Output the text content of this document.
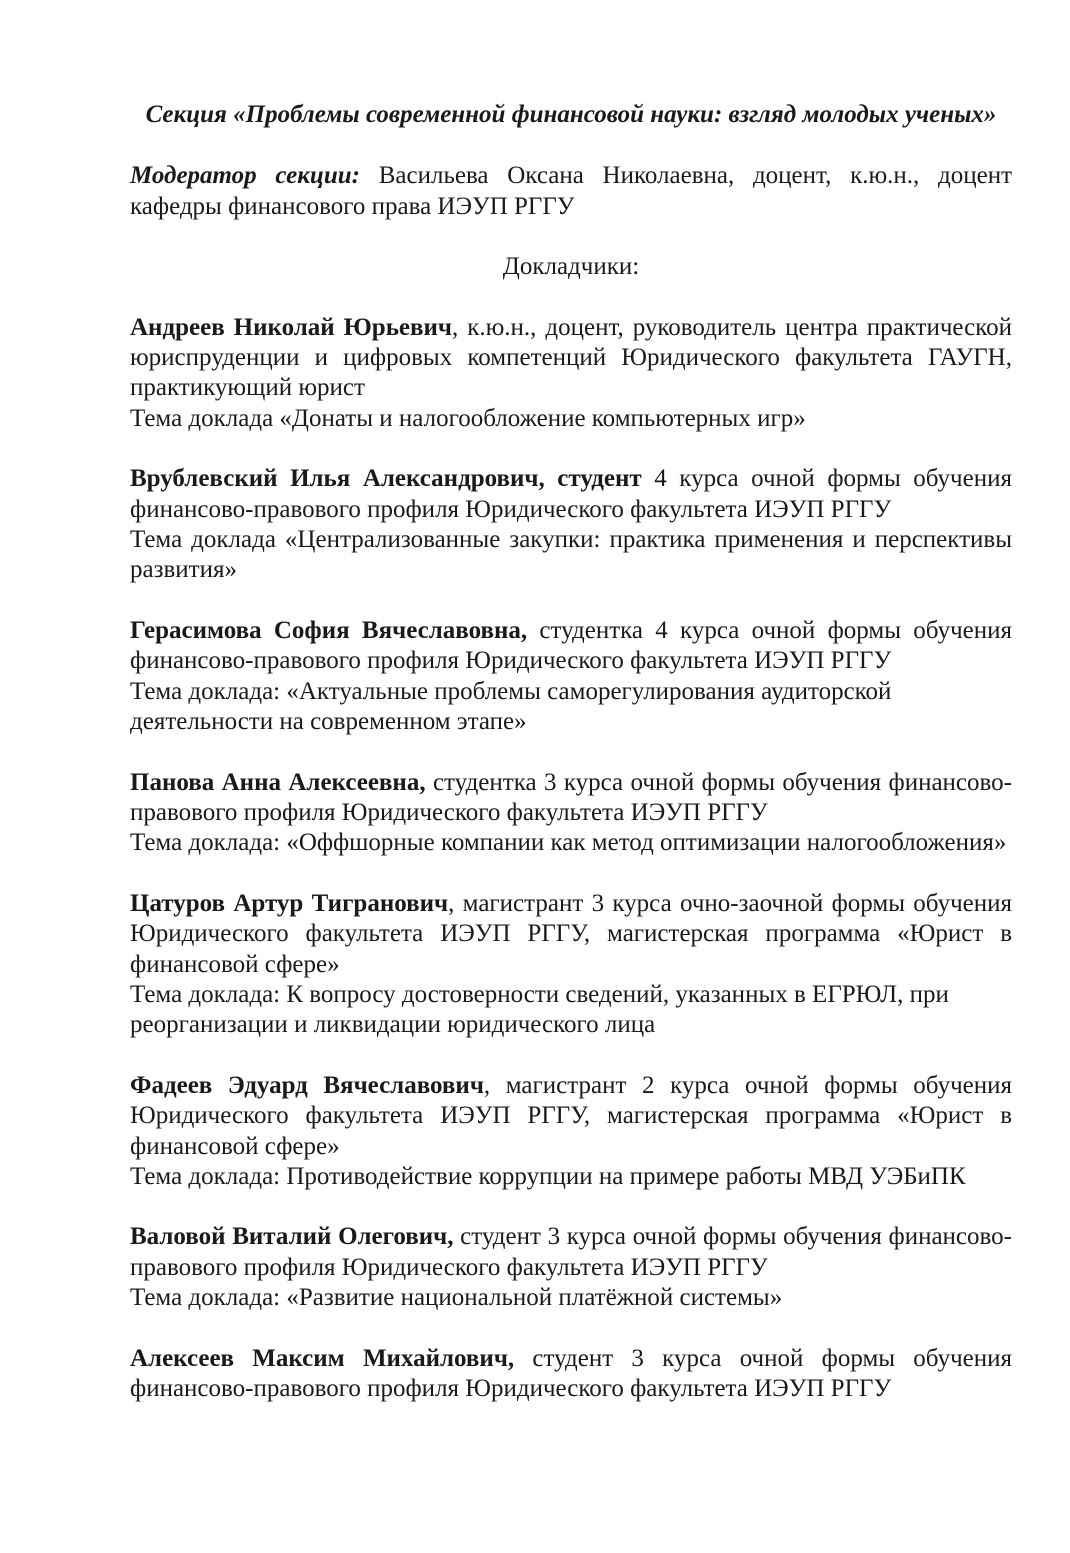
Секция «Проблемы современной финансовой науки: взгляд молодых ученых»

Модератор секции: Васильева Оксана Николаевна, доцент, к.ю.н., доцент кафедры финансового права ИЭУП РГГУ

Докладчики:

Андреев Николай Юрьевич, к.ю.н., доцент, руководитель центра практической юриспруденции и цифровых компетенций Юридического факультета ГАУГН, практикующий юрист
Тема доклада «Донаты и налогообложение компьютерных игр»
Врублевский Илья Александрович, студент 4 курса очной формы обучения финансово-правового профиля Юридического факультета ИЭУП РГГУ
Тема доклада «Централизованные закупки: практика применения и перспективы развития»
Герасимова София Вячеславовна, студентка 4 курса очной формы обучения финансово-правового профиля Юридического факультета ИЭУП РГГУ
Тема доклада: «Актуальные проблемы саморегулирования аудиторской деятельности на современном этапе»
Панова Анна Алексеевна, студентка 3 курса очной формы обучения финансово-правового профиля Юридического факультета ИЭУП РГГУ
Тема доклада: «Оффшорные компании как метод оптимизации налогообложения»
Цатуров Артур Тигранович, магистрант 3 курса очно-заочной формы обучения Юридического факультета ИЭУП РГГУ, магистерская программа «Юрист в финансовой сфере»
Тема доклада: К вопросу достоверности сведений, указанных в ЕГРЮЛ, при реорганизации и ликвидации юридического лица
Фадеев Эдуард Вячеславович, магистрант 2 курса очной формы обучения Юридического факультета ИЭУП РГГУ, магистерская программа «Юрист в финансовой сфере»
Тема доклада: Противодействие коррупции на примере работы МВД УЭБиПК
Валовой Виталий Олегович, студент 3 курса очной формы обучения финансово-правового профиля Юридического факультета ИЭУП РГГУ
Тема доклада: «Развитие национальной платёжной системы»
Алексеев Максим Михайлович, студент 3 курса очной формы обучения финансово-правового профиля Юридического факультета ИЭУП РГГУ
